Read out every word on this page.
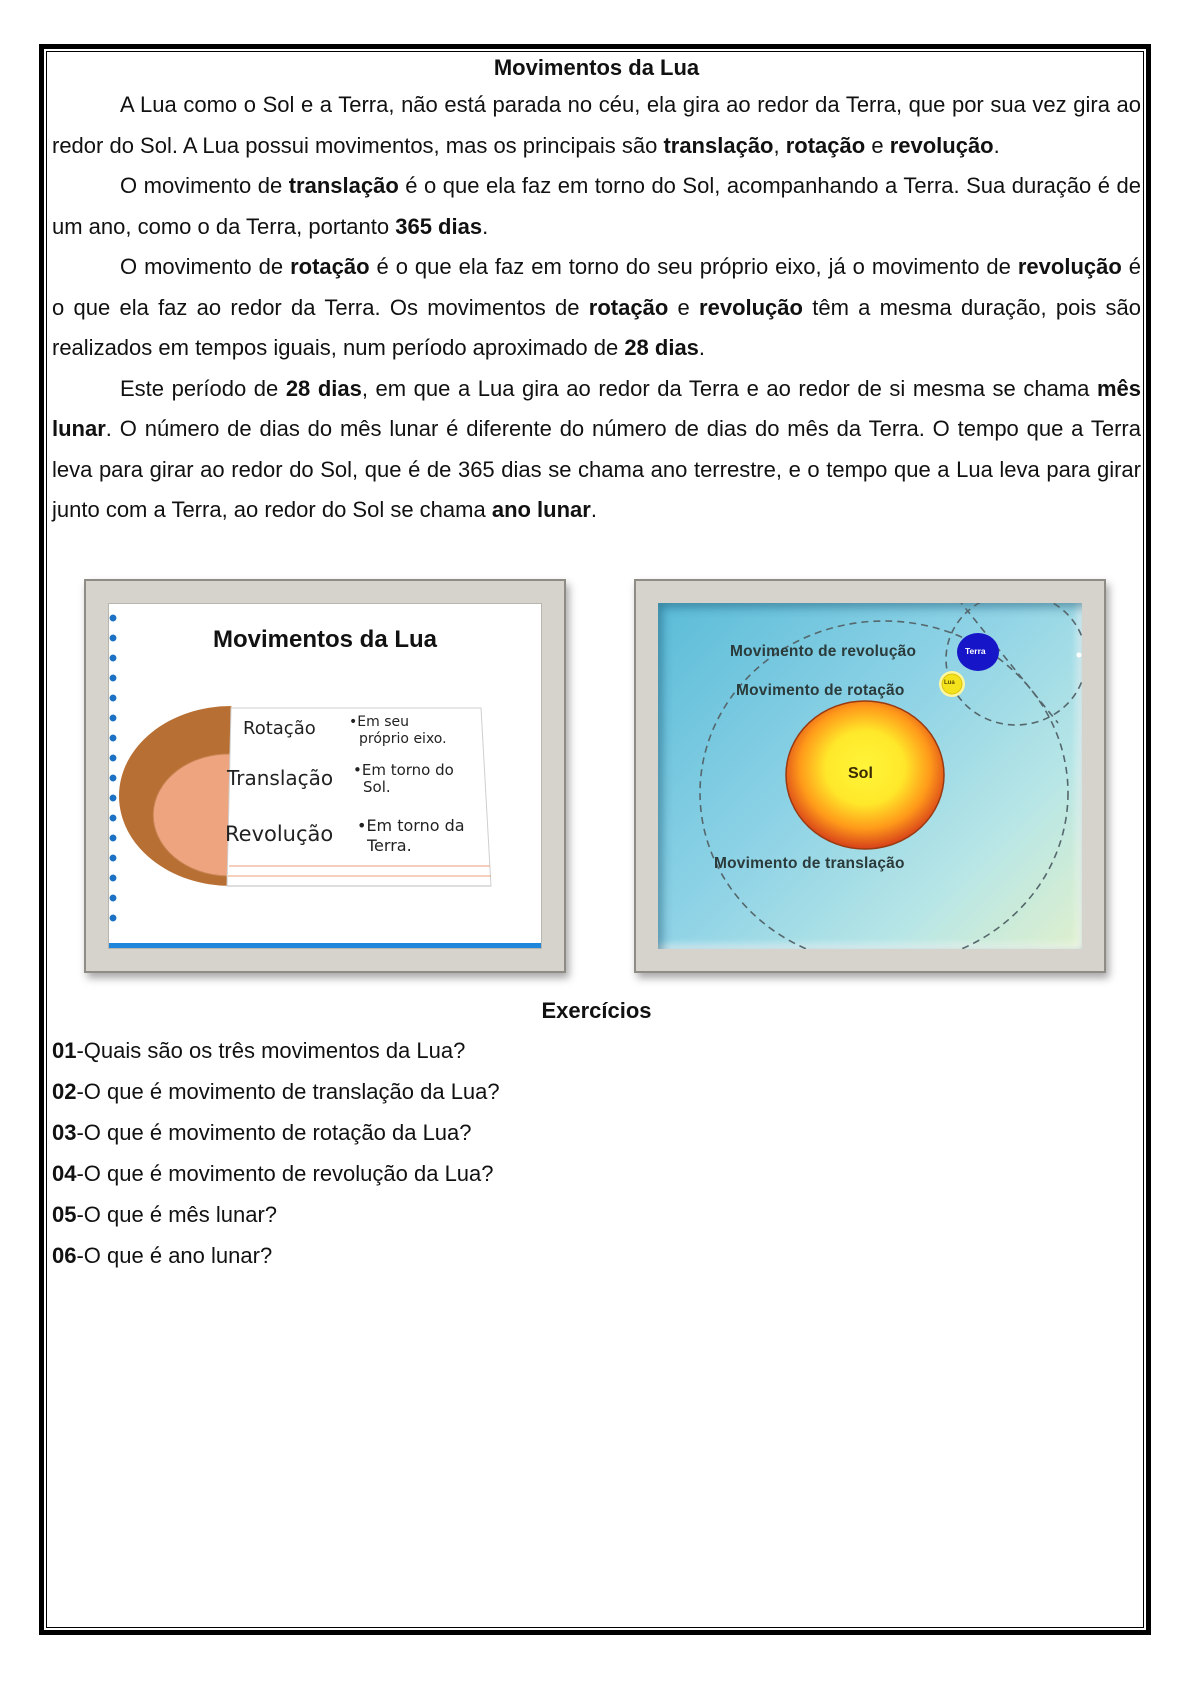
Movimentos da Lua

A Lua como o Sol e a Terra, não está parada no céu, ela gira ao redor da Terra, que por sua vez gira ao redor do Sol. A Lua possui movimentos, mas os principais são translação, rotação e revolução.

O movimento de translação é o que ela faz em torno do Sol, acompanhando a Terra. Sua duração é de um ano, como o da Terra, portanto 365 dias.

O movimento de rotação é o que ela faz em torno do seu próprio eixo, já o movimento de revolução é o que ela faz ao redor da Terra. Os movimentos de rotação e revolução têm a mesma duração, pois são realizados em tempos iguais, num período aproximado de 28 dias.

Este período de 28 dias, em que a Lua gira ao redor da Terra e ao redor de si mesma se chama mês lunar. O número de dias do mês lunar é diferente do número de dias do mês da Terra. O tempo que a Terra leva para girar ao redor do Sol, que é de 365 dias se chama ano terrestre, e o tempo que a Lua leva para girar junto com a Terra, ao redor do Sol se chama ano lunar.

Movimentos da Lua
Rotação •Em seu
próprio eixo.
Translação •Em torno do
Sol.
Revolução •Em torno da
Terra.
Movimento de revolução
Movimento de rotação
Movimento de translação
Sol
Terra
Lua
Exercícios
01-Quais são os três movimentos da Lua?
02-O que é movimento de translação da Lua?
03-O que é movimento de rotação da Lua?
04-O que é movimento de revolução da Lua?
05-O que é mês lunar?
06-O que é ano lunar?
